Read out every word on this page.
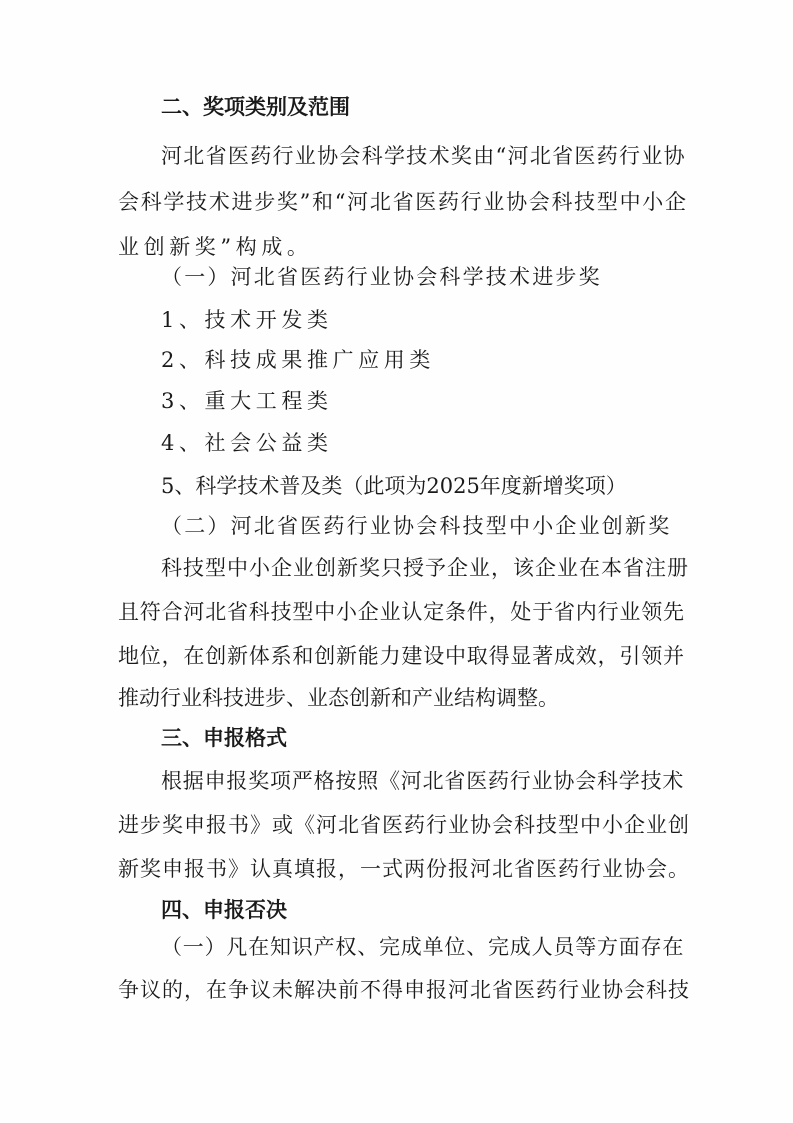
二、奖项类别及范围
河北省医药行业协会科学技术奖由“河北省医药行业协
会科学技术进步奖”和“河北省医药行业协会科技型中小企
业创新奖”构成。
（一）河北省医药行业协会科学技术进步奖
1、技术开发类
2、科技成果推广应用类
3、重大工程类
4、社会公益类
5、科学技术普及类（此项为2025年度新增奖项）
（二）河北省医药行业协会科技型中小企业创新奖
科技型中小企业创新奖只授予企业，该企业在本省注册
且符合河北省科技型中小企业认定条件，处于省内行业领先
地位，在创新体系和创新能力建设中取得显著成效，引领并
推动行业科技进步、业态创新和产业结构调整。
三、申报格式
根据申报奖项严格按照《河北省医药行业协会科学技术
进步奖申报书》或《河北省医药行业协会科技型中小企业创
新奖申报书》认真填报，一式两份报河北省医药行业协会。
四、申报否决
（一）凡在知识产权、完成单位、完成人员等方面存在
争议的，在争议未解决前不得申报河北省医药行业协会科技
